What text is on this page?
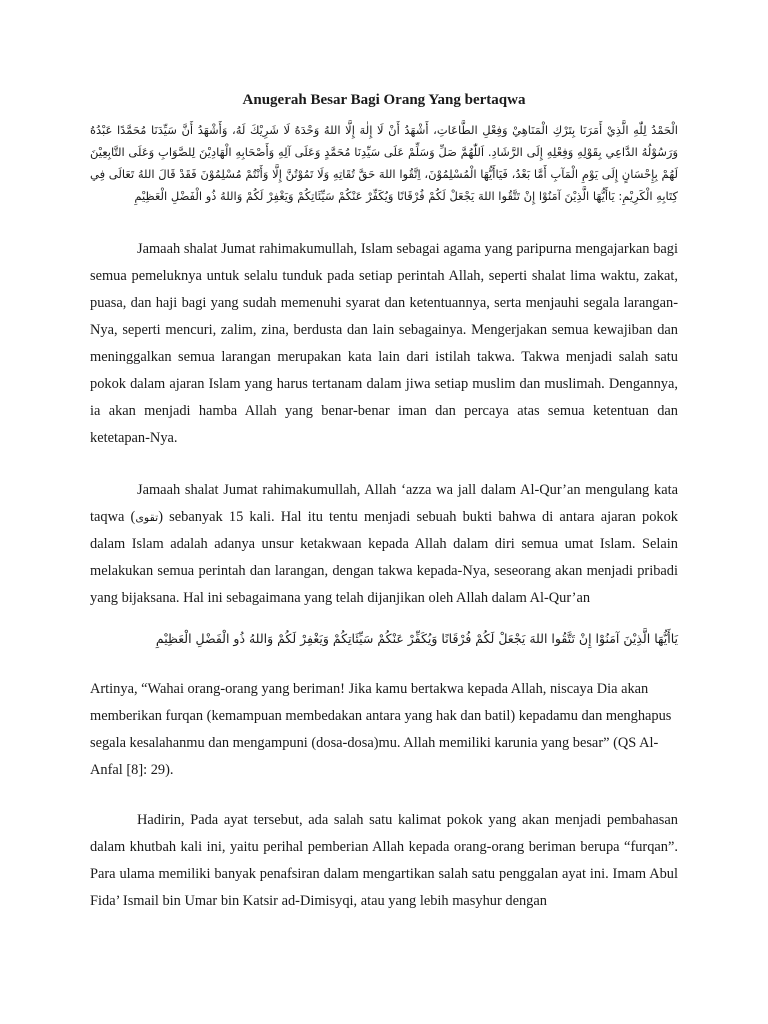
Anugerah Besar Bagi Orang Yang bertaqwa

الْحَمْدُ لِلّٰهِ الَّذِيْ أَمَرَنَا بِتَرْكِ الْمَنَاهِيْ وَفِعْلِ الطَّاعَاتِ، أَشْهَدُ أَنْ لَا إِلٰهَ إِلَّا اللهُ وَحْدَهُ لَا شَرِيْكَ لَهُ، وَأَشْهَدُ أَنَّ سَيِّدَنَا مُحَمَّدًا عَبْدُهُ وَرَسُوْلُهُ الدَّاعِي بِقَوْلِهِ وَفِعْلِهِ إِلَى الرَّشَادِ. اَللّٰهُمَّ صَلِّ وَسَلِّمْ عَلَى سَيِّدِنَا مُحَمَّدٍ وَعَلَى آلِهِ وَأَصْحَابِهِ الْهَادِيْنَ لِلصَّوَابِ وَعَلَى التَّابِعِيْنَ لَهُمْ بِإِحْسَانٍ إِلَى يَوْمِ الْمَآبِ أَمَّا بَعْدُ، فَيَاأَيُّهَا الْمُسْلِمُوْنَ، اِتَّقُوا اللهَ حَقَّ تُقَاتِهِ وَلَا تَمُوْتُنَّ إِلَّا وَأَنْتُمْ مُسْلِمُوْنَ فَقَدْ قَالَ اللهُ تَعَالَى فِي كِتَابِهِ الْكَرِيْمِ: يَاأَيُّهَا الَّذِيْنَ آمَنُوْا إِنْ تَتَّقُوا اللهَ يَجْعَلْ لَكُمْ فُرْقَانًا وَيُكَفِّرْ عَنْكُمْ سَيِّئَاتِكُمْ وَيَغْفِرْ لَكُمْ وَاللهُ ذُو الْفَضْلِ الْعَظِيْمِ

Jamaah shalat Jumat rahimakumullah, Islam sebagai agama yang paripurna mengajarkan bagi semua pemeluknya untuk selalu tunduk pada setiap perintah Allah, seperti shalat lima waktu, zakat, puasa, dan haji bagi yang sudah memenuhi syarat dan ketentuannya, serta menjauhi segala larangan-Nya, seperti mencuri, zalim, zina, berdusta dan lain sebagainya. Mengerjakan semua kewajiban dan meninggalkan semua larangan merupakan kata lain dari istilah takwa. Takwa menjadi salah satu pokok dalam ajaran Islam yang harus tertanam dalam jiwa setiap muslim dan muslimah. Dengannya, ia akan menjadi hamba Allah yang benar-benar iman dan percaya atas semua ketentuan dan ketetapan-Nya.

Jamaah shalat Jumat rahimakumullah, Allah ‘azza wa jall dalam Al-Qur’an mengulang kata taqwa (تقوى) sebanyak 15 kali. Hal itu tentu menjadi sebuah bukti bahwa di antara ajaran pokok dalam Islam adalah adanya unsur ketakwaan kepada Allah dalam diri semua umat Islam. Selain melakukan semua perintah dan larangan, dengan takwa kepada-Nya, seseorang akan menjadi pribadi yang bijaksana. Hal ini sebagaimana yang telah dijanjikan oleh Allah dalam Al-Qur’an

يَاأَيُّهَا الَّذِيْنَ آمَنُوْا إِنْ تَتَّقُوا اللهَ يَجْعَلْ لَكُمْ فُرْقَانًا وَيُكَفِّرْ عَنْكُمْ سَيِّئَاتِكُمْ وَيَغْفِرْ لَكُمْ وَاللهُ ذُو الْفَضْلِ الْعَظِيْمِ

Artinya, “Wahai orang-orang yang beriman! Jika kamu bertakwa kepada Allah, niscaya Dia akan memberikan furqan (kemampuan membedakan antara yang hak dan batil) kepadamu dan menghapus segala kesalahanmu dan mengampuni (dosa-dosa)mu. Allah memiliki karunia yang besar” (QS Al-Anfal [8]: 29).

Hadirin, Pada ayat tersebut, ada salah satu kalimat pokok yang akan menjadi pembahasan dalam khutbah kali ini, yaitu perihal pemberian Allah kepada orang-orang beriman berupa “furqan”. Para ulama memiliki banyak penafsiran dalam mengartikan salah satu penggalan ayat ini. Imam Abul Fida’ Ismail bin Umar bin Katsir ad-Dimisyqi, atau yang lebih masyhur dengan
